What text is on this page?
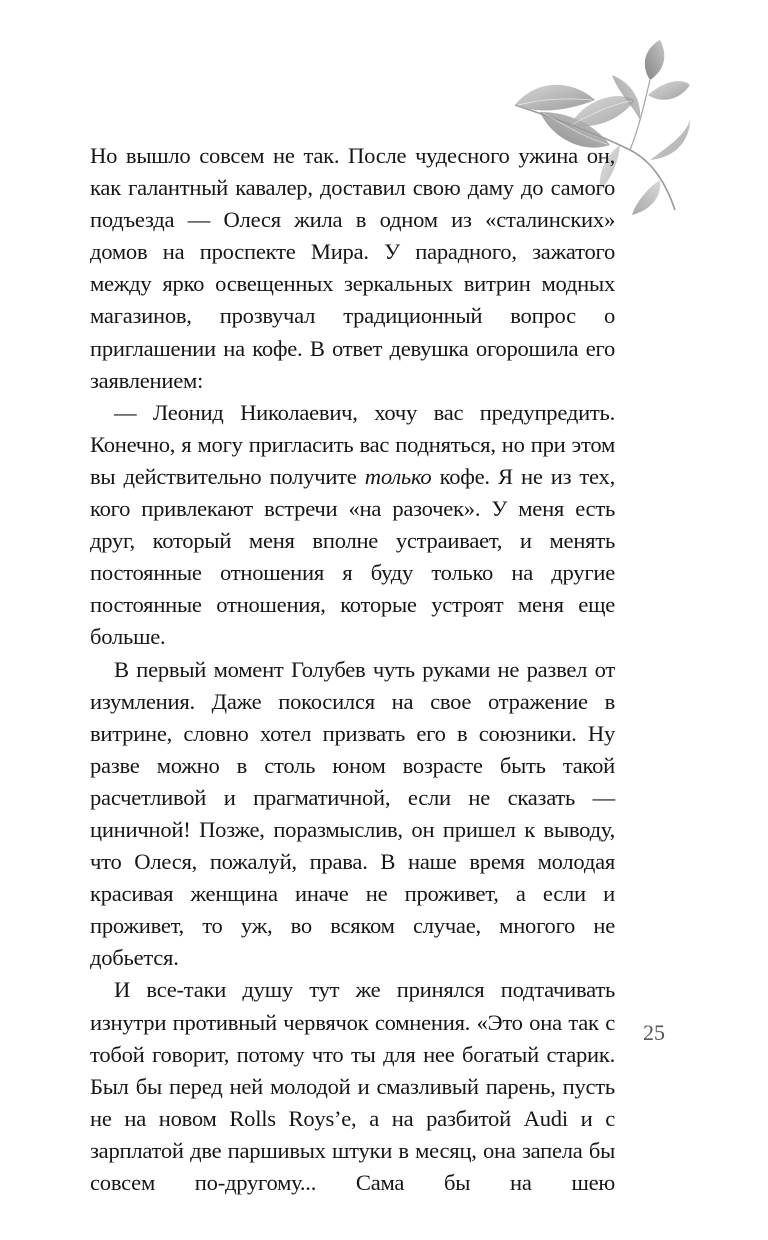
Но вышло совсем не так. После чудесного ужина он, как галантный кавалер, доставил свою даму до самого подъезда — Олеся жила в одном из «сталинских» домов на проспекте Мира. У парадного, зажатого между ярко освещенных зеркальных витрин модных магазинов, прозвучал традиционный вопрос о приглашении на кофе. В ответ девушка огорошила его заявлением:

— Леонид Николаевич, хочу вас предупредить. Конечно, я могу пригласить вас подняться, но при этом вы действительно получите только кофе. Я не из тех, кого привлекают встречи «на разочек». У меня есть друг, который меня вполне устраивает, и менять постоянные отношения я буду только на другие постоянные отношения, которые устроят меня еще больше.

В первый момент Голубев чуть руками не развел от изумления. Даже покосился на свое отражение в витрине, словно хотел призвать его в союзники. Ну разве можно в столь юном возрасте быть такой расчетливой и прагматичной, если не сказать — циничной! Позже, поразмыслив, он пришел к выводу, что Олеся, пожалуй, права. В наше время молодая красивая женщина иначе не проживет, а если и проживет, то уж, во всяком случае, многого не добьется.

И все-таки душу тут же принялся подтачивать изнутри противный червячок сомнения. «Это она так с тобой говорит, потому что ты для нее богатый старик. Был бы перед ней молодой и смазливый парень, пусть не на новом Rolls Roys’е, а на разбитой Audi и с зарплатой две паршивых штуки в месяц, она запела бы совсем по-другому... Сама бы на шею

25
